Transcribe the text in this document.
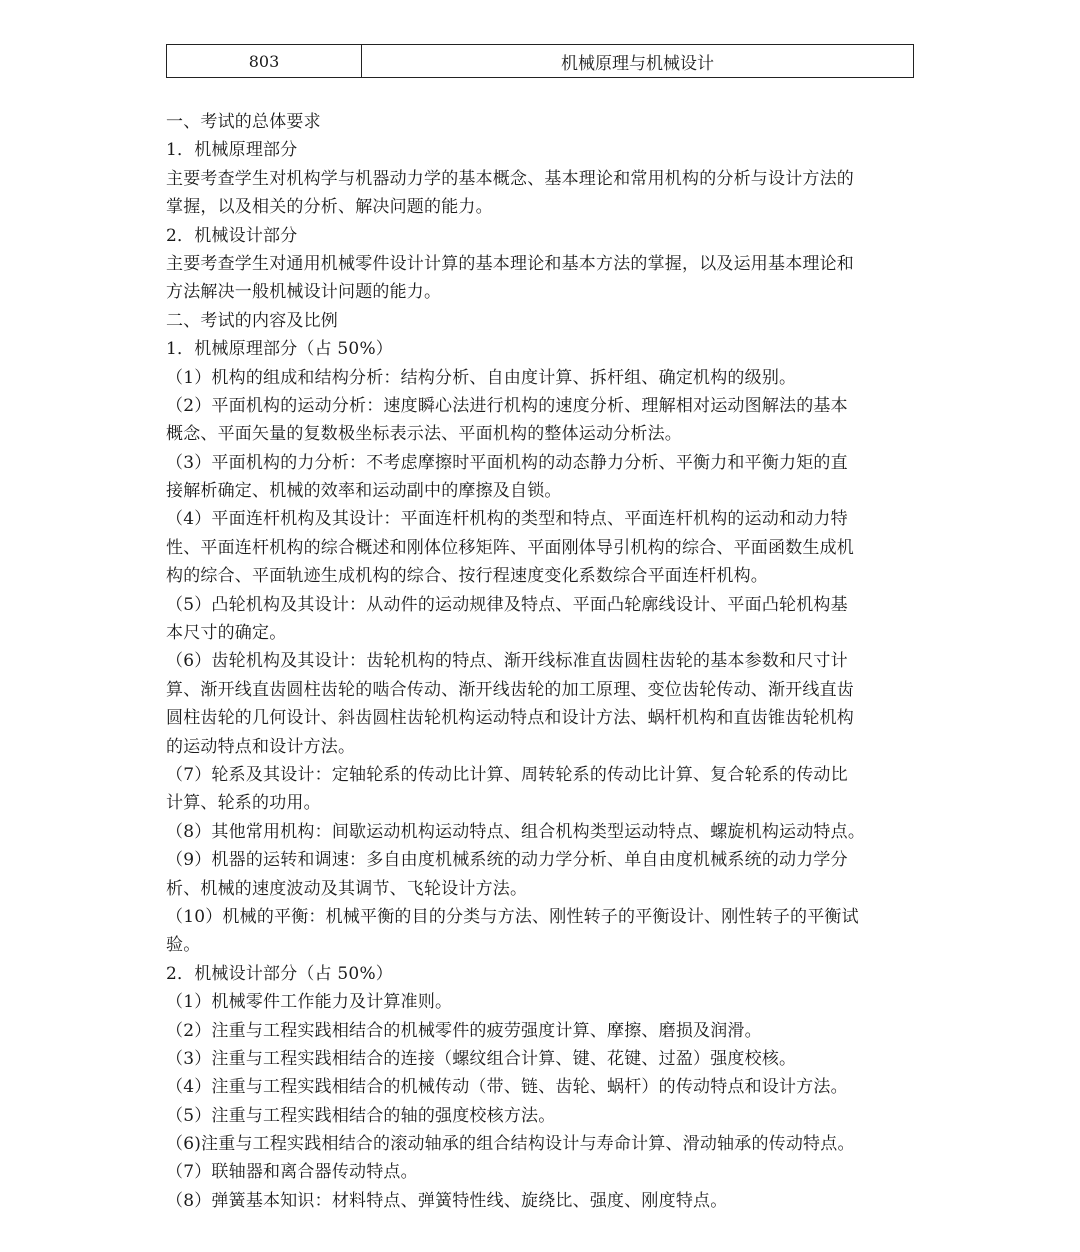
803	机械原理与机械设计
一、考试的总体要求
1．机械原理部分
主要考查学生对机构学与机器动力学的基本概念、基本理论和常用机构的分析与设计方法的
掌握，以及相关的分析、解决问题的能力。
2．机械设计部分
主要考查学生对通用机械零件设计计算的基本理论和基本方法的掌握，以及运用基本理论和
方法解决一般机械设计问题的能力。
二、考试的内容及比例
1．机械原理部分（占 50%）
（1）机构的组成和结构分析：结构分析、自由度计算、拆杆组、确定机构的级别。
（2）平面机构的运动分析：速度瞬心法进行机构的速度分析、理解相对运动图解法的基本
概念、平面矢量的复数极坐标表示法、平面机构的整体运动分析法。
（3）平面机构的力分析：不考虑摩擦时平面机构的动态静力分析、平衡力和平衡力矩的直
接解析确定、机械的效率和运动副中的摩擦及自锁。
（4）平面连杆机构及其设计：平面连杆机构的类型和特点、平面连杆机构的运动和动力特
性、平面连杆机构的综合概述和刚体位移矩阵、平面刚体导引机构的综合、平面函数生成机
构的综合、平面轨迹生成机构的综合、按行程速度变化系数综合平面连杆机构。
（5）凸轮机构及其设计：从动件的运动规律及特点、平面凸轮廓线设计、平面凸轮机构基
本尺寸的确定。
（6）齿轮机构及其设计：齿轮机构的特点、渐开线标准直齿圆柱齿轮的基本参数和尺寸计
算、渐开线直齿圆柱齿轮的啮合传动、渐开线齿轮的加工原理、变位齿轮传动、渐开线直齿
圆柱齿轮的几何设计、斜齿圆柱齿轮机构运动特点和设计方法、蜗杆机构和直齿锥齿轮机构
的运动特点和设计方法。
（7）轮系及其设计：定轴轮系的传动比计算、周转轮系的传动比计算、复合轮系的传动比
计算、轮系的功用。
（8）其他常用机构：间歇运动机构运动特点、组合机构类型运动特点、螺旋机构运动特点。
（9）机器的运转和调速：多自由度机械系统的动力学分析、单自由度机械系统的动力学分
析、机械的速度波动及其调节、飞轮设计方法。
（10）机械的平衡：机械平衡的目的分类与方法、刚性转子的平衡设计、刚性转子的平衡试
验。
2．机械设计部分（占 50%）
（1）机械零件工作能力及计算准则。
（2）注重与工程实践相结合的机械零件的疲劳强度计算、摩擦、磨损及润滑。
（3）注重与工程实践相结合的连接（螺纹组合计算、键、花键、过盈）强度校核。
（4）注重与工程实践相结合的机械传动（带、链、齿轮、蜗杆）的传动特点和设计方法。
（5）注重与工程实践相结合的轴的强度校核方法。
（6)注重与工程实践相结合的滚动轴承的组合结构设计与寿命计算、滑动轴承的传动特点。
（7）联轴器和离合器传动特点。
（8）弹簧基本知识：材料特点、弹簧特性线、旋绕比、强度、刚度特点。
